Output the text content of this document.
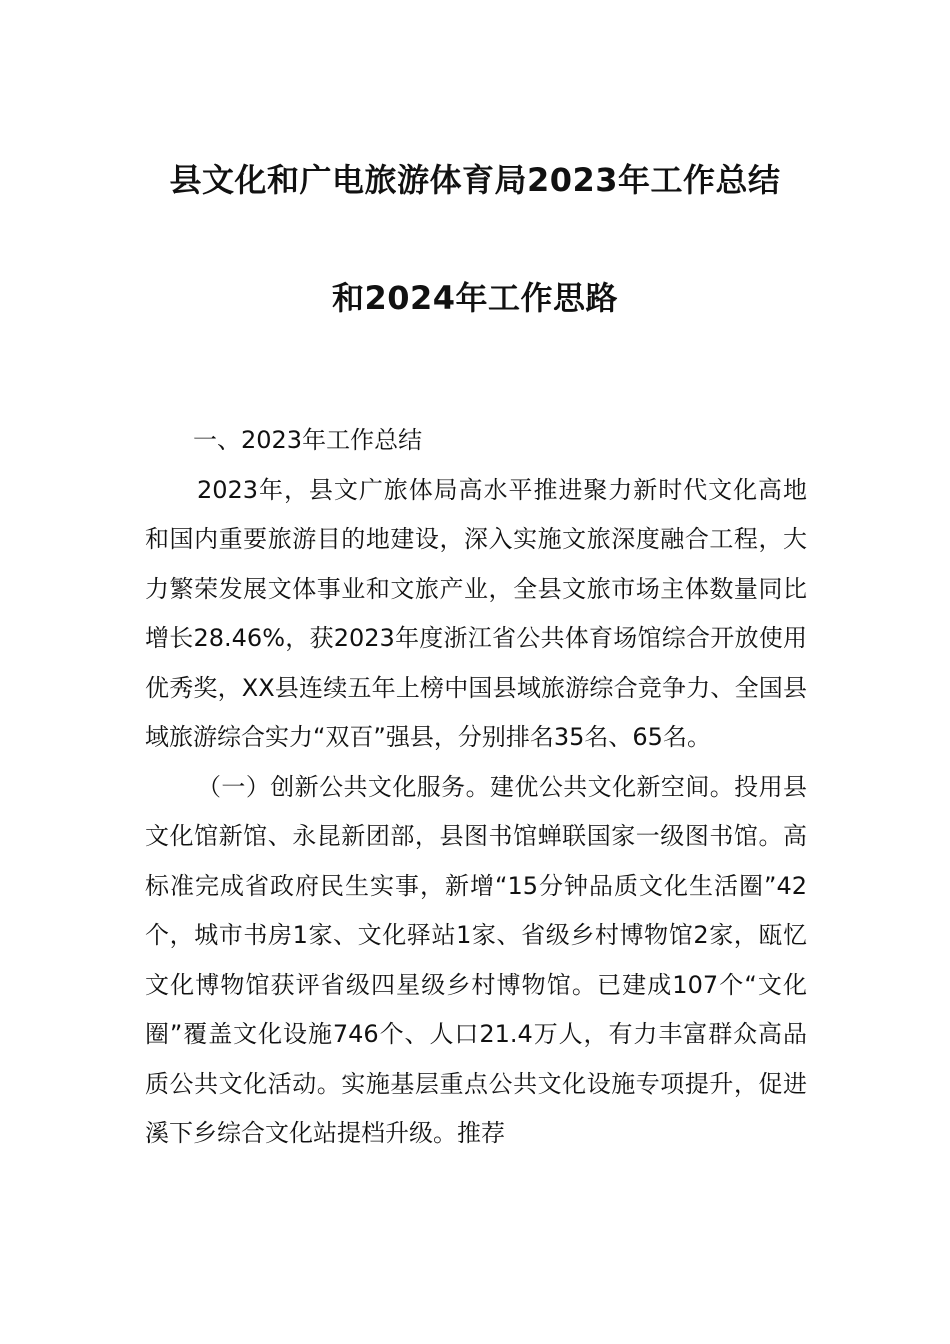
县文化和广电旅游体育局2023年工作总结
和2024年工作思路

一、2023年工作总结

2023年，县文广旅体局高水平推进聚力新时代文化高地和国内重要旅游目的地建设，深入实施文旅深度融合工程，大力繁荣发展文体事业和文旅产业，全县文旅市场主体数量同比增长28.46%，获2023年度浙江省公共体育场馆综合开放使用优秀奖，XX县连续五年上榜中国县域旅游综合竞争力、全国县域旅游综合实力“双百”强县，分别排名35名、65名。

（一）创新公共文化服务。建优公共文化新空间。投用县文化馆新馆、永昆新团部，县图书馆蝉联国家一级图书馆。高标准完成省政府民生实事，新增“15分钟品质文化生活圈”42个，城市书房1家、文化驿站1家、省级乡村博物馆2家，瓯忆文化博物馆获评省级四星级乡村博物馆。已建成107个“文化圈”覆盖文化设施746个、人口21.4万人，有力丰富群众高品质公共文化活动。实施基层重点公共文化设施专项提升，促进溪下乡综合文化站提档升级。推荐
